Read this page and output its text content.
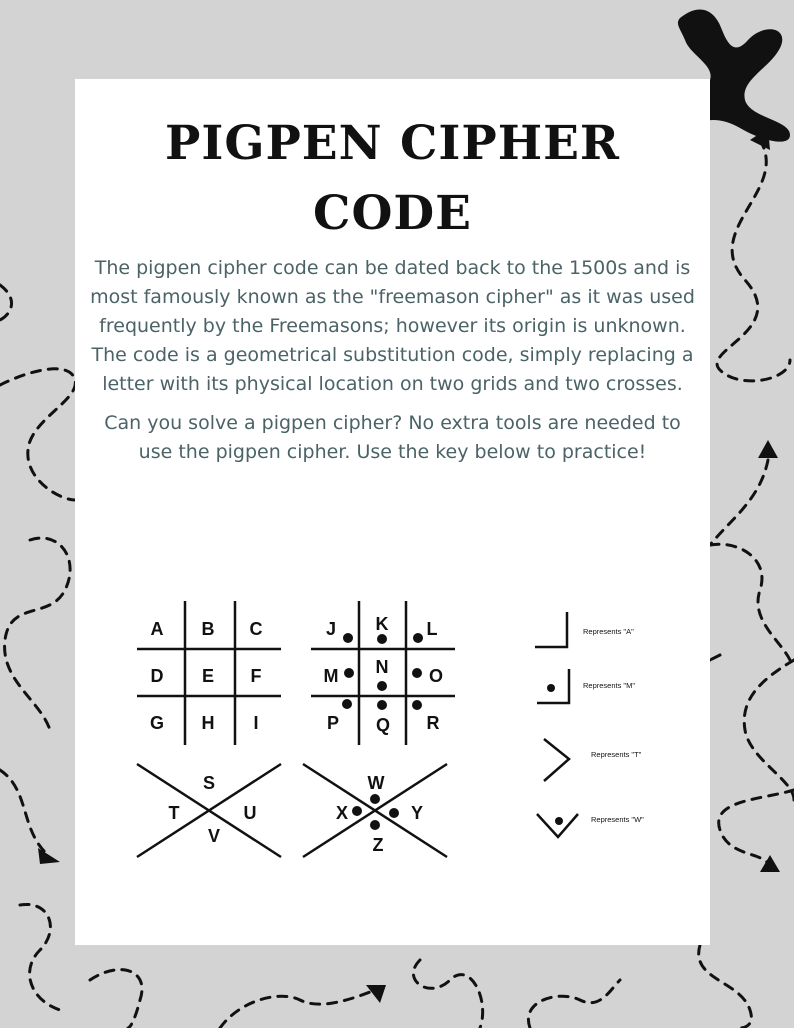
PIGPEN CIPHER
CODE

The pigpen cipher code can be dated back to the 1500s and is most famously known as the "freemason cipher" as it was used frequently by the Freemasons; however its origin is unknown.

The code is a geometrical substitution code, simply replacing a letter with its physical location on two grids and two crosses.

Can you solve a pigpen cipher? No extra tools are needed to use the pigpen cipher. Use the key below to practice!

A B C
D E F
G H I
J K L
M N O
P Q R
S
T	U
V
W
X	Y
Z
Represents "A"
Represents "M"
Represents "T"
Represents "W"
